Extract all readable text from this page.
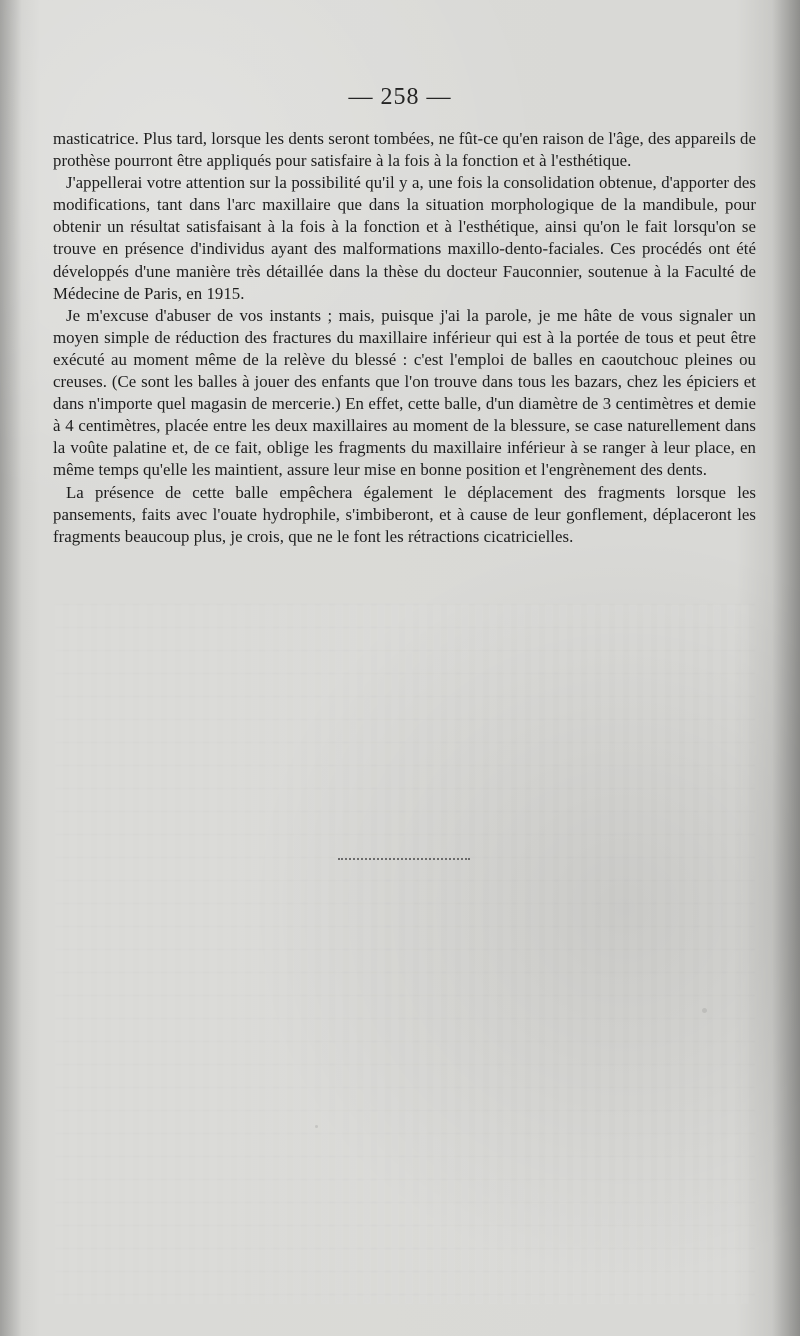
— 258 —

masticatrice. Plus tard, lorsque les dents seront tombées, ne fût-ce qu'en raison de l'âge, des appareils de prothèse pourront être appliqués pour satisfaire à la fois à la fonction et à l'esthétique.

J'appellerai votre attention sur la possibilité qu'il y a, une fois la consolidation obtenue, d'apporter des modifications, tant dans l'arc maxillaire que dans la situation morphologique de la mandibule, pour obtenir un résultat satisfaisant à la fois à la fonction et à l'esthétique, ainsi qu'on le fait lorsqu'on se trouve en présence d'individus ayant des malformations maxillo-dento-faciales. Ces procédés ont été développés d'une manière très détaillée dans la thèse du docteur Fauconnier, soutenue à la Faculté de Médecine de Paris, en 1915.

Je m'excuse d'abuser de vos instants ; mais, puisque j'ai la parole, je me hâte de vous signaler un moyen simple de réduction des fractures du maxillaire inférieur qui est à la portée de tous et peut être exécuté au moment même de la relève du blessé : c'est l'emploi de balles en caoutchouc pleines ou creuses. (Ce sont les balles à jouer des enfants que l'on trouve dans tous les bazars, chez les épiciers et dans n'importe quel magasin de mercerie.) En effet, cette balle, d'un diamètre de 3 centimètres et demie à 4 centimètres, placée entre les deux maxillaires au moment de la blessure, se case naturellement dans la voûte palatine et, de ce fait, oblige les fragments du maxillaire inférieur à se ranger à leur place, en même temps qu'elle les maintient, assure leur mise en bonne position et l'engrènement des dents.

La présence de cette balle empêchera également le déplacement des fragments lorsque les pansements, faits avec l'ouate hydrophile, s'imbiberont, et à cause de leur gonflement, déplaceront les fragments beaucoup plus, je crois, que ne le font les rétractions cicatricielles.
